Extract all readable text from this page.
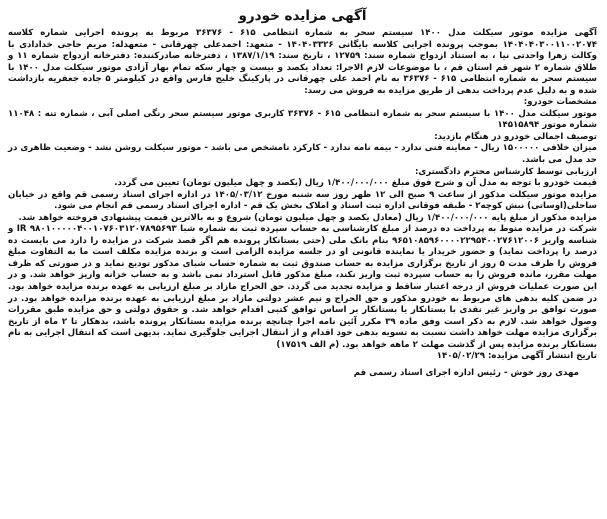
آگهی مزایده خودرو

آگهی مزایده موتور سیکلت مدل ۱۴۰۰ سیستم سحر به شماره انتظامی ۶۱۵ - ۳۶۳۷۶ مربوط به پرونده اجرایی شماره کلاسه ۱۴۰۴۰۴۰۳۰۰۱۱۰۰۲۰۷۴ بموجب پرونده اجرایی کلاسه بایگانی ۱۴۰۴۰۳۳۲۶ - متعهد: احمدعلی چهرقانی - متعهدله: مریم حاجی خدادادی با وکالت زهرا واحدتی نیا ، به استناد ازدواج شماره سند: ۱۲۷۵۹ ، تاریخ سند: ۱۳۸۷/۱/۱۹ ، دفترخانه صادرکننده: دفترخانه ازدواج شماره ۱۱ و طلاق شماره ۲ شهر قم استان قم ، با موضوعات لازم الاجرا: تعداد یکصد و بیست و چهار سکه تمام بهار آزادی موتور سیکلت مدل ۱۴۰۰ با سیستم سحر به شماره انتظامی ۶۱۵ - ۳۶۳۷۶ به نام احمد علی چهرقانی در پارکینگ خلیج فارس واقع در کیلومتر ۵ جاده جعفریه بازداشت شده و به دلیل عدم پرداخت بدهی از طریق مزایده به فروش می رسد:

مشخصات خودرو:

موتور سیکلت مدل ۱۴۰۰ با سیستم سحر به شماره انتظامی ۶۱۵ - ۳۶۳۷۶ کاربری موتور سیستم سحر رنگی اصلی آبی ، شماره تنه : ۱۱۰۴۸ شماره موتور ۱۴۵۱۵۸۹۴

توصیف اجمالی خودرو در هنگام بازدید:

میزان خلافی ۱۵۰۰۰۰۰ ریال - معاینه فنی ندارد - بیمه نامه ندارد - کارکرد نامشخص می باشد - موتور سیکلت روشن نشد - وضعیت ظاهری در حد مدل می باشد.

ارزیابی توسط کارشناس محترم دادگستری:

قیمت خودرو با توجه به مدل آن و شرح فوق مبلغ ۱/۴۰۰/۰۰۰/۰۰۰ ریال (یکصد و چهل میلیون تومان) تعیین می گردد.

مزایده موتور سیکلت مذکور از ساعت ۹ صبح الی ۱۲ ظهر روز سه شنبه مورخ ۱۴۰۵/۰۳/۱۲ در اداره اجرای اسناد رسمی قم واقع در خیابان ساحلی(اوساتی) نبش کوچه۲ - طبقه فوقانی اداره ثبت اسناد و املاک بخش یک قم - اداره اجرای اسناد رسمی قم انجام می شود.

مزایده مذکور از مبلغ پایه ۱/۴۰۰/۰۰۰/۰۰۰ ریال (معادل یکصد و چهل میلیون تومان) شروع و به بالاترین قیمت پیشنهادی فروخته خواهد شد.

شرکت در مزایده منوط به پرداخت ده درصد از مبلغ کارشناسی به حساب سپرده ثبت به شماره شبا IR ۹۸۰۱۰۰۰۰۰۴۰۰۱۰۷۶۰۳۱۲۰۷۸۹۵۶۹۳ و شناسه واریز ۹۶۵۱۰۸۵۹۶۰۰۰۰۲۲۹۵۴۰۰۲۷۶۱۲۰۰۶ بنام بانک ملی (حتی بستانکار پرونده هم اگر قصد شرکت در مزایده را دارد می بایست ده درصد را پرداخت نماید) و حضور خریدار یا نماینده قانونی او در جلسه مزایده الزامی است و برنده مزایده مکلف است ما به التفاوت مبلغ فروش را ظرف مدت ۵ روز از تاریخ برگزاری مزایده به حساب صندوق ثبت به شماره حساب شبای مذکور تودیع نماید و در صورتی که ظرف مهلت مقرر، مانده فروش را به حساب سپرده ثبت واریز نکند، مبلغ مذکور قابل استرداد نمی باشد و به حساب خزانه واریز خواهد شد. و در این صورت عملیات فروش از درجه اعتبار ساقط و مزایده تجدید می گردد. حق الحراج مازاد بر مبلغ ارزیابی به عهده برنده مزایده خواهد بود. در ضمن کلیه بدهی های مربوط به خودرو مذکور و حق الحراج و نیم عشر دولتی مازاد بر مبلغ ارزیابی به عهده برنده مزایده خواهد بود. در صورت توافق بر واریز غیر نقدی با بستانکار یا بستانکار بر اساس توافق کتبی اقدام خواهد شد. و حقوق دولتی و حق مزایده طبق مقررات وصول خواهد شد. لازم به ذکر است وفق ماده ۳۹ مکرر آئین نامه اجرا چنانچه برنده مزایده بستانکار پرونده باشد، بدهکار تا ۲ ماه از تاریخ برگزاری مزایده مهلت خواهد داشت نسبت به تسویه بدهی خود اقدام و از انتقال اجرایی جلوگیری نماید. بدیهی است که انتقال اجرایی به نام بستانکار برنده مزایده پس از گذشت مهلت ۲ ماهه خواهد بود. (م الف ۱۷۵۱۹)

تاریخ انتشار آگهی مزایده: ۱۴۰۵/۰۲/۲۹

مهدی روز خوش - رئیس اداره اجرای اسناد رسمی قم
